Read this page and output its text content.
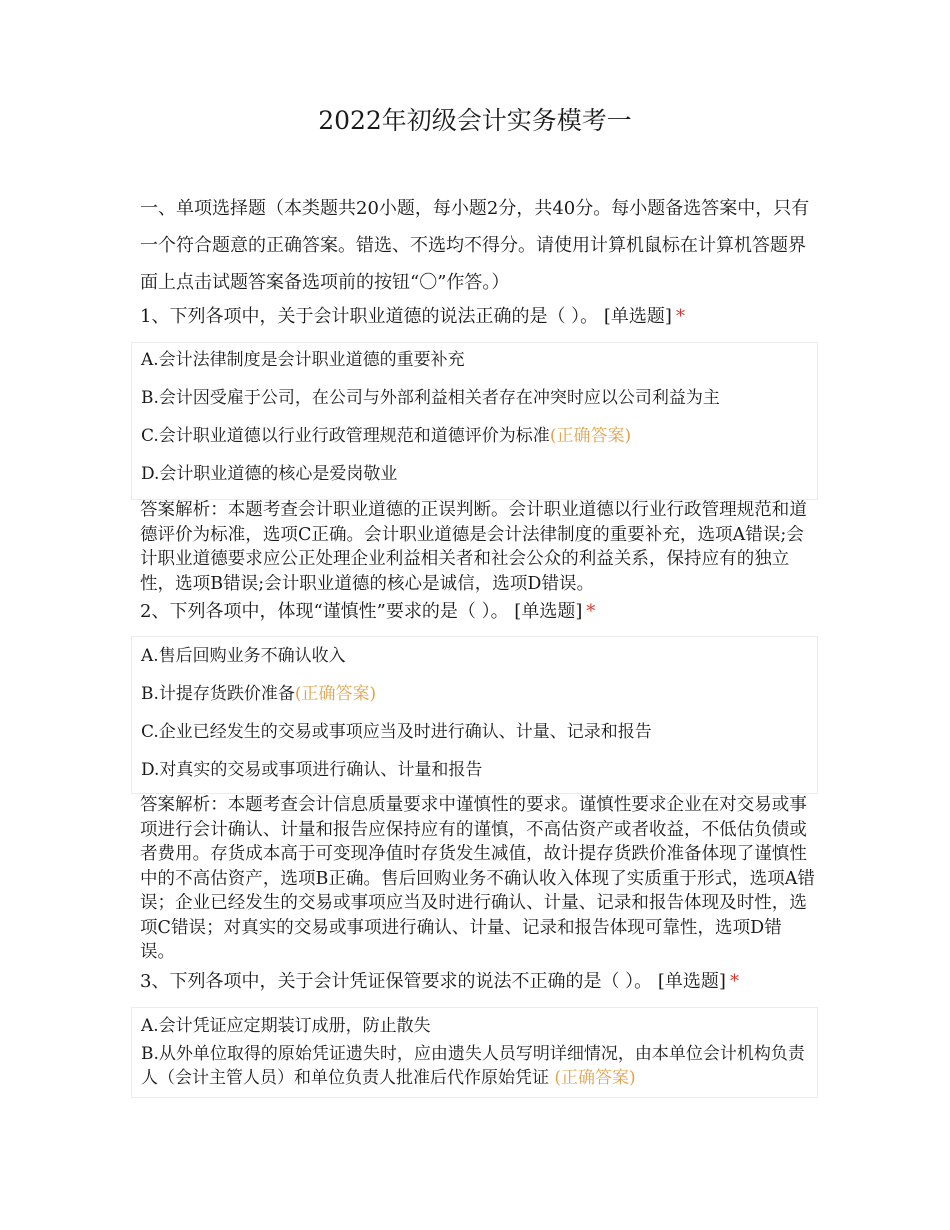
2022年初级会计实务模考一
一、单项选择题（本类题共20小题，每小题2分，共40分。每小题备选答案中，只有一个符合题意的正确答案。错选、不选均不得分。请使用计算机鼠标在计算机答题界面上点击试题答案备选项前的按钮“〇”作答。）
1、下列各项中，关于会计职业道德的说法正确的是（ ）。 [单选题] *
A.会计法律制度是会计职业道德的重要补充
B.会计因受雇于公司，在公司与外部利益相关者存在冲突时应以公司利益为主
C.会计职业道德以行业行政管理规范和道德评价为标准(正确答案)
D.会计职业道德的核心是爱岗敬业
答案解析：本题考查会计职业道德的正误判断。会计职业道德以行业行政管理规范和道德评价为标准，选项C正确。会计职业道德是会计法律制度的重要补充，选项A错误;会计职业道德要求应公正处理企业利益相关者和社会公众的利益关系，保持应有的独立性，选项B错误;会计职业道德的核心是诚信，选项D错误。
2、下列各项中，体现“谨慎性”要求的是（ ）。 [单选题] *
A.售后回购业务不确认收入
B.计提存货跌价准备(正确答案)
C.企业已经发生的交易或事项应当及时进行确认、计量、记录和报告
D.对真实的交易或事项进行确认、计量和报告
答案解析：本题考查会计信息质量要求中谨慎性的要求。谨慎性要求企业在对交易或事项进行会计确认、计量和报告应保持应有的谨慎，不高估资产或者收益，不低估负债或者费用。存货成本高于可变现净值时存货发生减值，故计提存货跌价准备体现了谨慎性中的不高估资产，选项B正确。售后回购业务不确认收入体现了实质重于形式，选项A错误；企业已经发生的交易或事项应当及时进行确认、计量、记录和报告体现及时性，选项C错误；对真实的交易或事项进行确认、计量、记录和报告体现可靠性，选项D错误。
3、下列各项中，关于会计凭证保管要求的说法不正确的是（ ）。 [单选题] *
A.会计凭证应定期装订成册，防止散失
B.从外单位取得的原始凭证遗失时，应由遗失人员写明详细情况，由本单位会计机构负责人（会计主管人员）和单位负责人批准后代作原始凭证 (正确答案)
